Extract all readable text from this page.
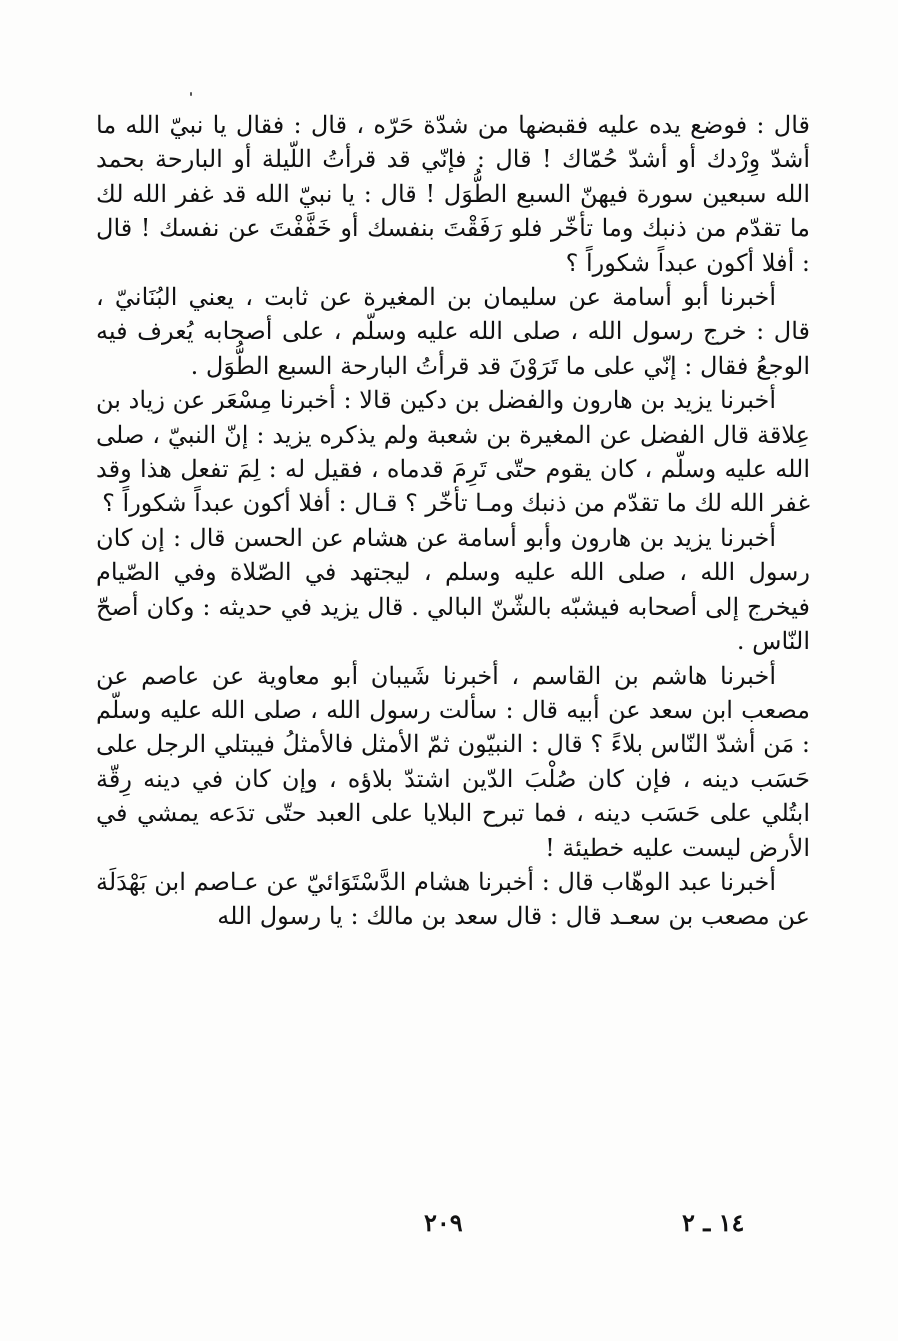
قال : فوضع يده عليه فقبضها من شدّة حَرّه ، قال : فقال يا نبيّ الله ما أشدّ وِرْدك أو أشدّ حُمّاك ! قال : فإنّي قد قرأتُ اللّيلة أو البارحة بحمد الله سبعين سورة فيهنّ السبع الطُّوَل ! قال : يا نبيّ الله قد غفر الله لك ما تقدّم من ذنبك وما تأخّر فلو رَفَقْتَ بنفسك أو خَفَّفْتَ عن نفسك ! قال : أفلا أكون عبداً شكوراً ؟

أخبرنا أبو أسامة عن سليمان بن المغيرة عن ثابت ، يعني البُنَانيّ ، قال : خرج رسول الله ، صلى الله عليه وسلّم ، على أصحابه يُعرف فيه الوجعُ فقال : إنّي على ما تَرَوْنَ قد قرأتُ البارحة السبع الطُّوَل .

أخبرنا يزيد بن هارون والفضل بن دكين قالا : أخبرنا مِسْعَر عن زياد بن عِلاقة قال الفضل عن المغيرة بن شعبة ولم يذكره يزيد : إنّ النبيّ ، صلى الله عليه وسلّم ، كان يقوم حتّى تَرِمَ قدماه ، فقيل له : لِمَ تفعل هذا وقد غفر الله لك ما تقدّم من ذنبك ومـا تأخّر ؟ قـال : أفلا أكون عبداً شكوراً ؟

أخبرنا يزيد بن هارون وأبو أسامة عن هشام عن الحسن قال : إن كان رسول الله ، صلى الله عليه وسلم ، ليجتهد في الصّلاة وفي الصّيام فيخرج إلى أصحابه فيشبّه بالشّنّ البالي . قال يزيد في حديثه : وكان أصحّ النّاس .

أخبرنا هاشم بن القاسم ، أخبرنا شَيبان أبو معاوية عن عاصم عن مصعب ابن سعد عن أبيه قال : سألت رسول الله ، صلى الله عليه وسلّم : مَن أشدّ النّاس بلاءً ؟ قال : النبيّون ثمّ الأمثل فالأمثلُ فيبتلي الرجل على حَسَب دينه ، فإن كان صُلْبَ الدّين اشتدّ بلاؤه ، وإن كان في دينه رِقّة ابتُلي على حَسَب دينه ، فما تبرح البلايا على العبد حتّى تدَعه يمشي في الأرض ليست عليه خطيئة !

أخبرنا عبد الوهّاب قال : أخبرنا هشام الدَّسْتَوَائيّ عن عـاصم ابن بَهْدَلَة عن مصعب بن سعـد قال : قال سعد بن مالك : يا رسول الله

٢٠٩	١٤ ـ ٢
